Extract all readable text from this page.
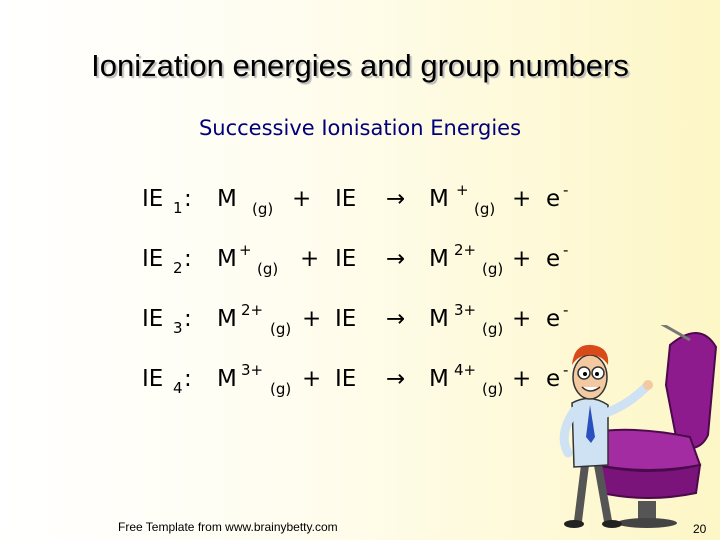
Ionization energies and group numbers
Successive Ionisation Energies
IE 1 : M (g) + IE → M +
(g) + e -
IE 2 : M +
(g) + IE → M 2+
(g) + e -
IE 3 : M 2+
(g) + IE → M 3+
(g) + e -
IE 4 : M 3+
(g) + IE → M 4+
(g) + e -
Free Template from www.brainybetty.com	20
